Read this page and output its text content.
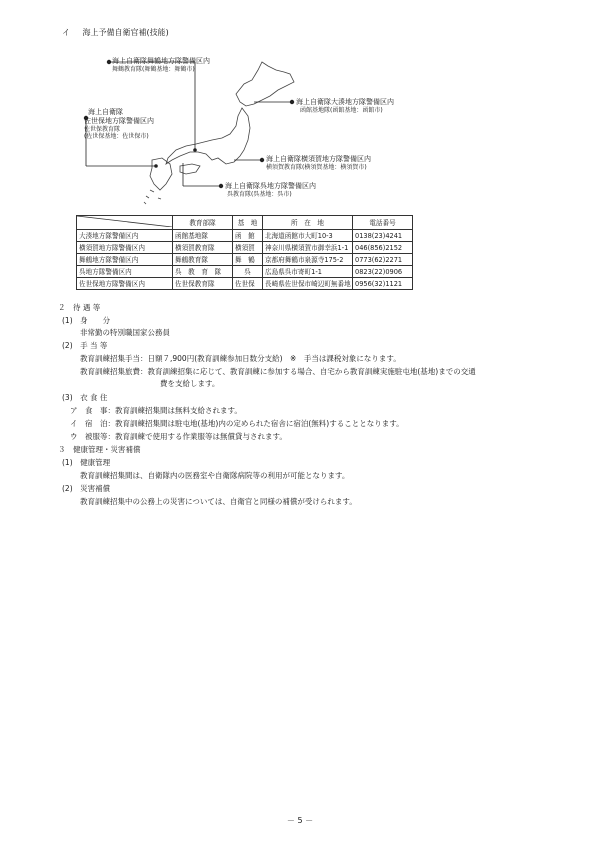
イ 海上予備自衛官補(技能)
海上自衛隊舞鶴地方隊警備区内
舞鶴教育隊(舞鶴基地：舞鶴市)
海上自衛隊
佐世保地方隊警備区内
佐世保教育隊
(佐世保基地：佐世保市)
海上自衛隊大湊地方隊警備区内
函館基地隊(函館基地：函館市)
海上自衛隊横須賀地方隊警備区内
横須賀教育隊(横須賀基地：横須賀市)
海上自衛隊呉地方隊警備区内
呉教育隊(呉基地：呉市)
	教育部隊	基　地	所　在　地	電話番号
大湊地方隊警備区内	函館基地隊	函　館	北海道函館市大町10-3	0138(23)4241
横須賀地方隊警備区内	横須賀教育隊	横須賀	神奈川県横須賀市御幸浜1-1	046(856)2152
舞鶴地方隊警備区内	舞鶴教育隊	舞　鶴	京都府舞鶴市泉源寺175-2	0773(62)2271
呉地方隊警備区内	呉　教　育　隊	呉	広島県呉市寄町1-1	0823(22)0906
佐世保地方隊警備区内	佐世保教育隊	佐世保	長崎県佐世保市崎辺町無番地	0956(32)1121
２　待 遇 等
(1)　身　　分
非常勤の特別職国家公務員
(2)　手 当 等
教育訓練招集手当：日額７,900円(教育訓練参加日数分支給)　※　手当は課税対象になります。
教育訓練招集旅費：教育訓練招集に応じて、教育訓練に参加する場合、自宅から教育訓練実施駐屯地(基地)までの交通
費を支給します。
(3)　衣 食 住
ア　食　事：教育訓練招集間は無料支給されます。
イ　宿　泊：教育訓練招集間は駐屯地(基地)内の定められた宿舎に宿泊(無料)することとなります。
ウ　被服等：教育訓練で使用する作業服等は無償貸与されます。
３　健康管理・災害補償
(1)　健康管理
教育訓練招集間は、自衛隊内の医務室や自衛隊病院等の利用が可能となります。
(2)　災害補償
教育訓練招集中の公務上の災害については、自衛官と同様の補償が受けられます。
－ 5 －
